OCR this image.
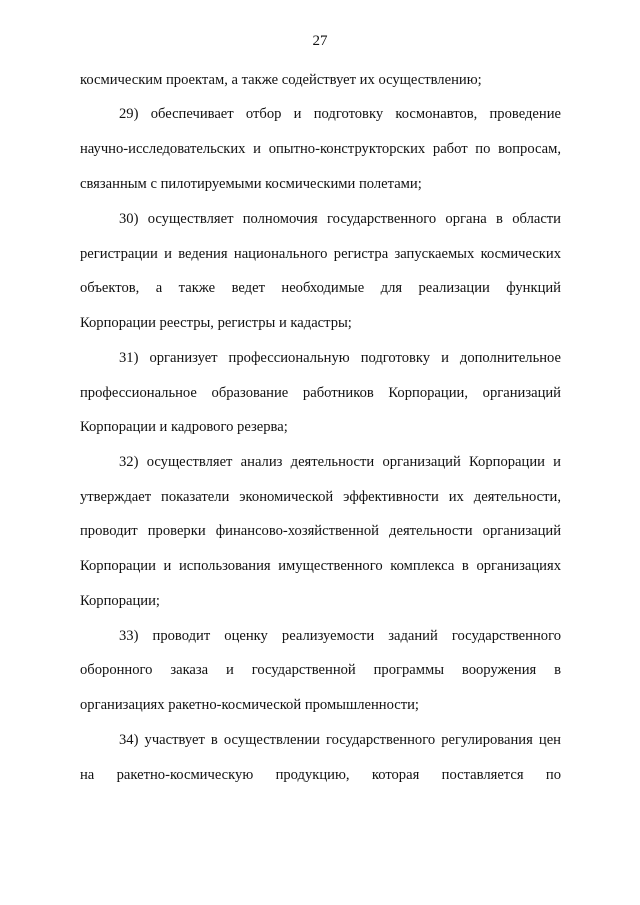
27
космическим проектам, а также содействует их осуществлению;
29) обеспечивает отбор и подготовку космонавтов, проведение
научно-исследовательских и опытно-конструкторских работ по вопросам,
связанным с пилотируемыми космическими полетами;
30) осуществляет полномочия государственного органа в области
регистрации и ведения национального регистра запускаемых космических
объектов, а также ведет необходимые для реализации функций
Корпорации реестры, регистры и кадастры;
31) организует профессиональную подготовку и дополнительное
профессиональное образование работников Корпорации, организаций
Корпорации и кадрового резерва;
32) осуществляет анализ деятельности организаций Корпорации и
утверждает показатели экономической эффективности их деятельности,
проводит проверки финансово-хозяйственной деятельности организаций
Корпорации и использования имущественного комплекса в организациях
Корпорации;
33) проводит оценку реализуемости заданий государственного
оборонного заказа и государственной программы вооружения в
организациях ракетно-космической промышленности;
34) участвует в осуществлении государственного регулирования цен
на ракетно-космическую продукцию, которая поставляется по
